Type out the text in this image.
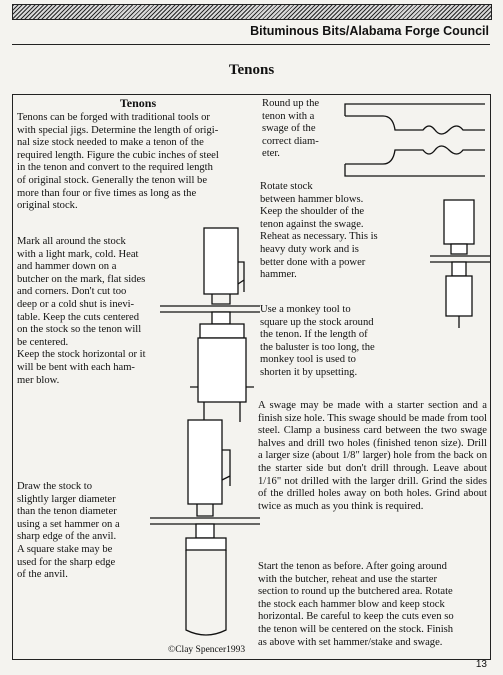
Bituminous Bits/Alabama Forge Council
Tenons
Tenons
Tenons can be forged with traditional tools or
with special jigs. Determine the length of origi-
nal size stock needed to make a tenon of the
required length. Figure the cubic inches of steel
in the tenon and convert to the required length
of original stock. Generally the tenon will be
more than four or five times as long as the
original stock.
Mark all around the stock
with a light mark, cold. Heat
and hammer down on a
butcher on the mark, flat sides
and corners. Don't cut too
deep or a cold shut is inevi-
table. Keep the cuts centered
on the stock so the tenon will
be centered.
Keep the stock horizontal or it
will be bent with each ham-
mer blow.
Draw the stock to
slightly larger diameter
than the tenon diameter
using a set hammer on a
sharp edge of the anvil.
A square stake may be
used for the sharp edge
of the anvil.
Round up the
tenon with a
swage of the
correct diam-
eter.
Rotate stock
between hammer blows.
Keep the shoulder of the
tenon against the swage.
Reheat as necessary. This is
heavy duty work and is
better done with a power
hammer.
Use a monkey tool to
square up the stock around
the tenon. If the length of
the baluster is too long, the
monkey tool is used to
shorten it by upsetting.
A swage may be made with a starter section and a finish size hole. This swage should be made from tool steel. Clamp a business card between the two swage halves and drill two holes (finished tenon size). Drill a larger size (about 1/8" larger) hole from the back on the starter side but don't drill through. Leave about 1/16" not drilled with the larger drill. Grind the sides of the drilled holes away on both holes. Grind about twice as much as you think is required.
Start the tenon as before. After going around
with the butcher, reheat and use the starter
section to round up the butchered area. Rotate
the stock each hammer blow and keep stock
horizontal. Be careful to keep the cuts even so
the tenon will be centered on the stock. Finish
as above with set hammer/stake and swage.
©Clay Spencer1993
13
